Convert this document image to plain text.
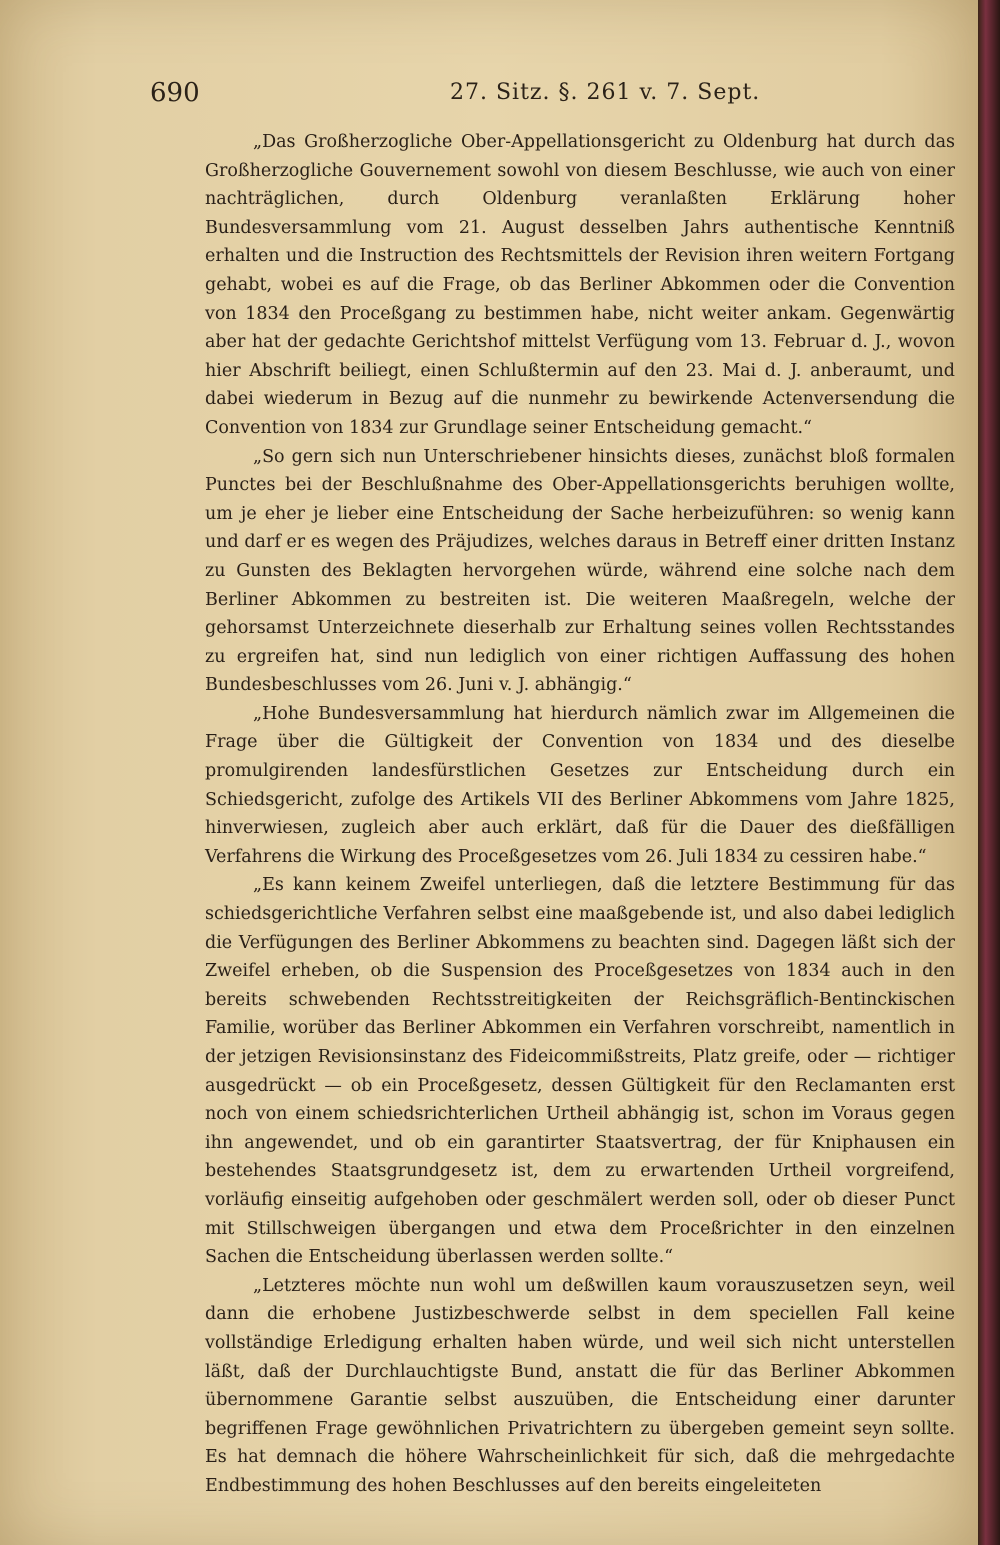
690	27. Sitz. §. 261 v. 7. Sept.

„Das Großherzogliche Ober-Appellationsgericht zu Oldenburg hat durch das Großherzogliche Gouvernement sowohl von diesem Beschlusse, wie auch von einer nachträglichen, durch Oldenburg veranlaßten Erklärung hoher Bundesversammlung vom 21. August desselben Jahrs authentische Kenntniß erhalten und die Instruction des Rechtsmittels der Revision ihren weitern Fortgang gehabt, wobei es auf die Frage, ob das Berliner Abkommen oder die Convention von 1834 den Proceßgang zu bestimmen habe, nicht weiter ankam. Gegenwärtig aber hat der gedachte Gerichtshof mittelst Verfügung vom 13. Februar d. J., wovon hier Abschrift beiliegt, einen Schlußtermin auf den 23. Mai d. J. anberaumt, und dabei wiederum in Bezug auf die nunmehr zu bewirkende Actenversendung die Convention von 1834 zur Grundlage seiner Entscheidung gemacht.“

„So gern sich nun Unterschriebener hinsichts dieses, zunächst bloß formalen Punctes bei der Beschlußnahme des Ober-Appellationsgerichts beruhigen wollte, um je eher je lieber eine Entscheidung der Sache herbeizuführen: so wenig kann und darf er es wegen des Präjudizes, welches daraus in Betreff einer dritten Instanz zu Gunsten des Beklagten hervorgehen würde, während eine solche nach dem Berliner Abkommen zu bestreiten ist. Die weiteren Maaßregeln, welche der gehorsamst Unterzeichnete dieserhalb zur Erhaltung seines vollen Rechtsstandes zu ergreifen hat, sind nun lediglich von einer richtigen Auffassung des hohen Bundesbeschlusses vom 26. Juni v. J. abhängig.“

„Hohe Bundesversammlung hat hierdurch nämlich zwar im Allgemeinen die Frage über die Gültigkeit der Convention von 1834 und des dieselbe promulgirenden landesfürstlichen Gesetzes zur Entscheidung durch ein Schiedsgericht, zufolge des Artikels VII des Berliner Abkommens vom Jahre 1825, hinverwiesen, zugleich aber auch erklärt, daß für die Dauer des dießfälligen Verfahrens die Wirkung des Proceßgesetzes vom 26. Juli 1834 zu cessiren habe.“

„Es kann keinem Zweifel unterliegen, daß die letztere Bestimmung für das schiedsgerichtliche Verfahren selbst eine maaßgebende ist, und also dabei lediglich die Verfügungen des Berliner Abkommens zu beachten sind. Dagegen läßt sich der Zweifel erheben, ob die Suspension des Proceßgesetzes von 1834 auch in den bereits schwebenden Rechtsstreitigkeiten der Reichsgräflich-Bentinckischen Familie, worüber das Berliner Abkommen ein Verfahren vorschreibt, namentlich in der jetzigen Revisionsinstanz des Fideicommißstreits, Platz greife, oder — richtiger ausgedrückt — ob ein Proceßgesetz, dessen Gültigkeit für den Reclamanten erst noch von einem schiedsrichterlichen Urtheil abhängig ist, schon im Voraus gegen ihn angewendet, und ob ein garantirter Staatsvertrag, der für Kniphausen ein bestehendes Staatsgrundgesetz ist, dem zu erwartenden Urtheil vorgreifend, vorläufig einseitig aufgehoben oder geschmälert werden soll, oder ob dieser Punct mit Stillschweigen übergangen und etwa dem Proceßrichter in den einzelnen Sachen die Entscheidung überlassen werden sollte.“

„Letzteres möchte nun wohl um deßwillen kaum vorauszusetzen seyn, weil dann die erhobene Justizbeschwerde selbst in dem speciellen Fall keine vollständige Erledigung erhalten haben würde, und weil sich nicht unterstellen läßt, daß der Durchlauchtigste Bund, anstatt die für das Berliner Abkommen übernommene Garantie selbst auszuüben, die Entscheidung einer darunter begriffenen Frage gewöhnlichen Privatrichtern zu übergeben gemeint seyn sollte. Es hat demnach die höhere Wahrscheinlichkeit für sich, daß die mehrgedachte Endbestimmung des hohen Beschlusses auf den bereits eingeleiteten
